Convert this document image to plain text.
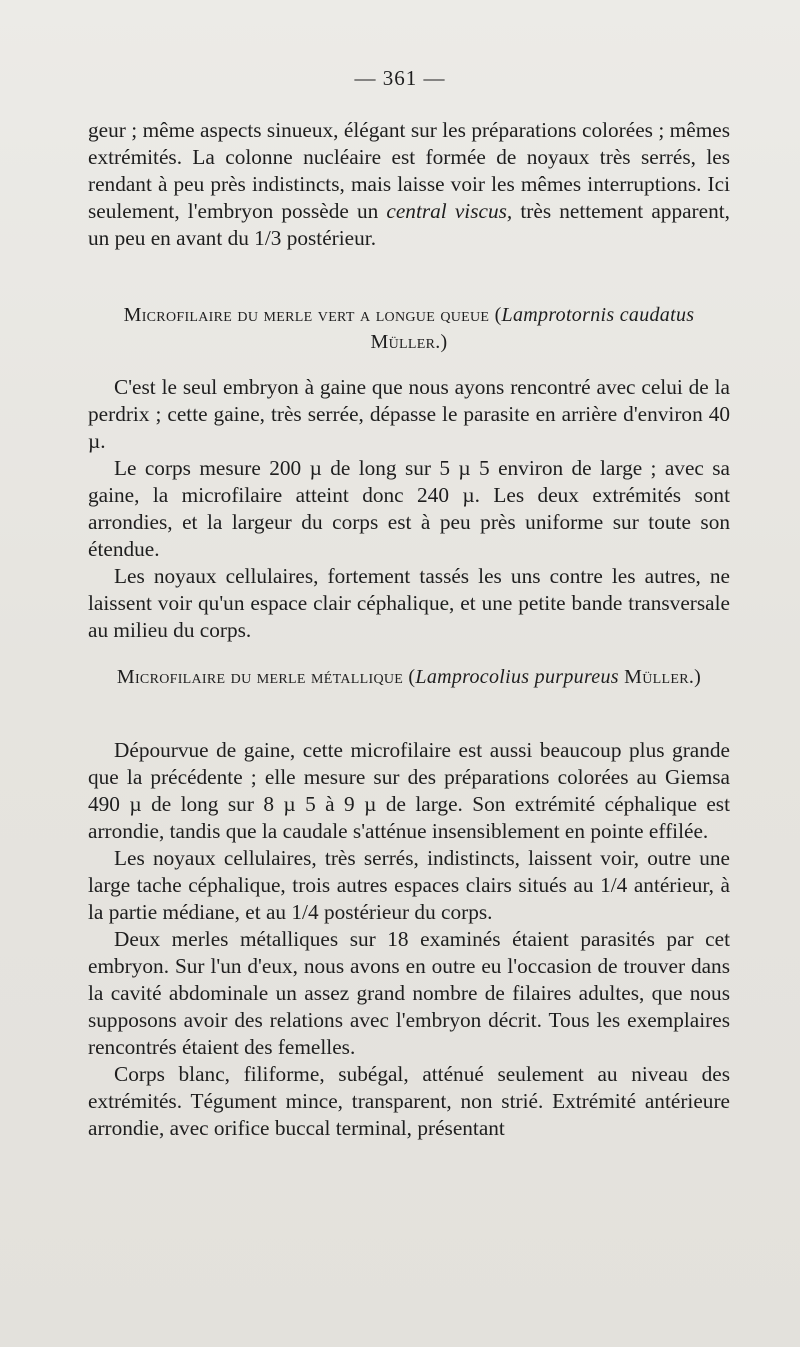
— 361 —

geur ; même aspects sinueux, élégant sur les préparations colorées ; mêmes extrémités. La colonne nucléaire est formée de noyaux très serrés, les rendant à peu près indistincts, mais laisse voir les mêmes interruptions. Ici seulement, l'embryon possède un central viscus, très nettement apparent, un peu en avant du 1/3 postérieur.

Microfilaire du merle vert a longue queue (Lamprotornis caudatus Müller.)

C'est le seul embryon à gaine que nous ayons rencontré avec celui de la perdrix ; cette gaine, très serrée, dépasse le parasite en arrière d'environ 40 µ.

Le corps mesure 200 µ de long sur 5 µ 5 environ de large ; avec sa gaine, la microfilaire atteint donc 240 µ. Les deux extrémités sont arrondies, et la largeur du corps est à peu près uniforme sur toute son étendue.

Les noyaux cellulaires, fortement tassés les uns contre les autres, ne laissent voir qu'un espace clair céphalique, et une petite bande transversale au milieu du corps.

Microfilaire du merle métallique (Lamprocolius purpureus Müller.)

Dépourvue de gaine, cette microfilaire est aussi beaucoup plus grande que la précédente ; elle mesure sur des préparations colorées au Giemsa 490 µ de long sur 8 µ 5 à 9 µ de large. Son extrémité céphalique est arrondie, tandis que la caudale s'atténue insensiblement en pointe effilée.

Les noyaux cellulaires, très serrés, indistincts, laissent voir, outre une large tache céphalique, trois autres espaces clairs situés au 1/4 antérieur, à la partie médiane, et au 1/4 postérieur du corps.

Deux merles métalliques sur 18 examinés étaient parasités par cet embryon. Sur l'un d'eux, nous avons en outre eu l'occasion de trouver dans la cavité abdominale un assez grand nombre de filaires adultes, que nous supposons avoir des relations avec l'embryon décrit. Tous les exemplaires rencontrés étaient des femelles.

Corps blanc, filiforme, subégal, atténué seulement au niveau des extrémités. Tégument mince, transparent, non strié. Extrémité antérieure arrondie, avec orifice buccal terminal, présentant
